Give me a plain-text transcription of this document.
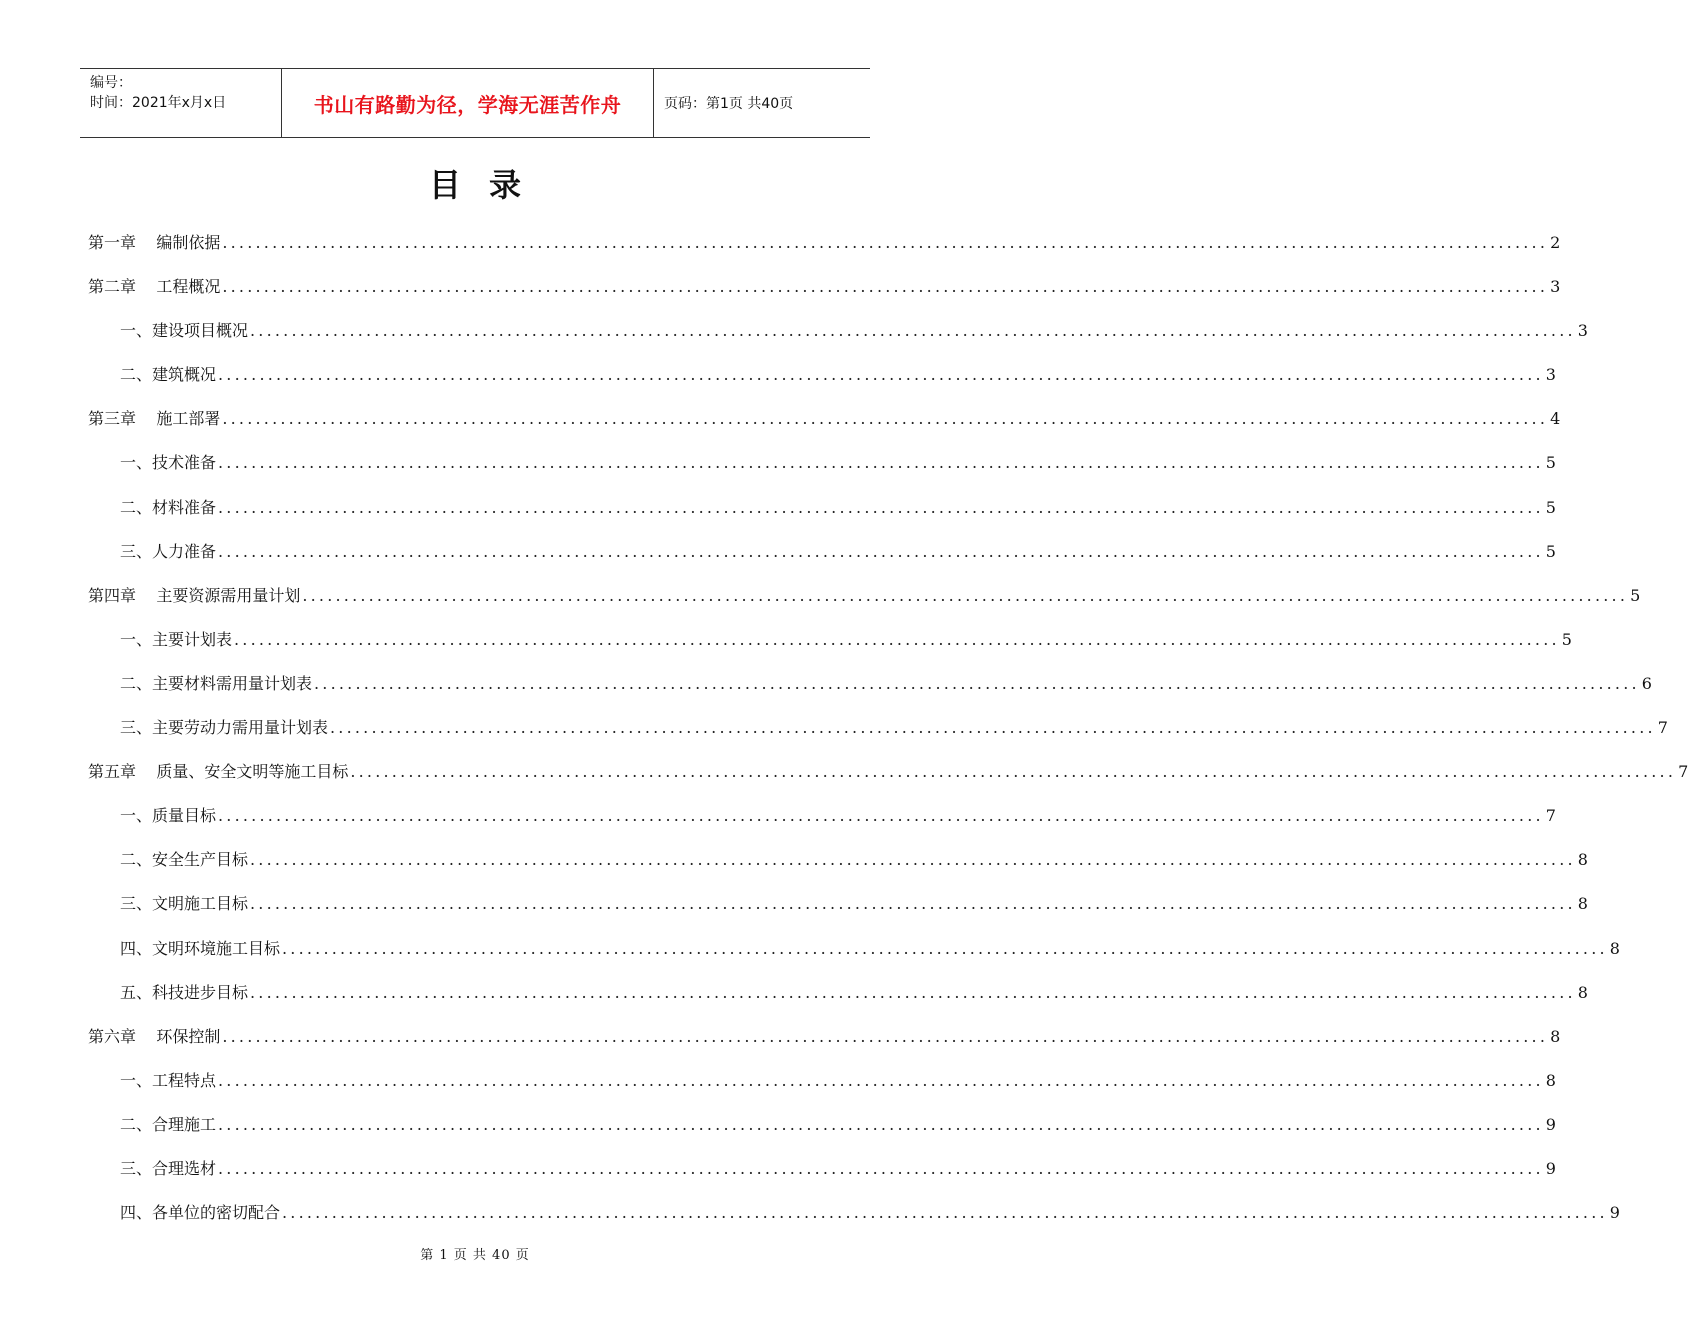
编号：
时间：2021年x月x日	书山有路勤为径，学海无涯苦作舟	页码：第1页 共40页
目录
第一章    编制依据 ................................................................................................................................................................ 2
第二章    工程概况 ................................................................................................................................................................ 3
一、建设项目概况 ................................................................................................................................................................ 3
二、建筑概况 ................................................................................................................................................................ 3
第三章    施工部署 ................................................................................................................................................................ 4
一、技术准备 ................................................................................................................................................................ 5
二、材料准备 ................................................................................................................................................................ 5
三、人力准备 ................................................................................................................................................................ 5
第四章    主要资源需用量计划 ................................................................................................................................................................ 5
一、主要计划表 ................................................................................................................................................................ 5
二、主要材料需用量计划表 ................................................................................................................................................................ 6
三、主要劳动力需用量计划表 ................................................................................................................................................................ 7
第五章    质量、安全文明等施工目标 ................................................................................................................................................................ 7
一、质量目标 ................................................................................................................................................................ 7
二、安全生产目标 ................................................................................................................................................................ 8
三、文明施工目标 ................................................................................................................................................................ 8
四、文明环境施工目标 ................................................................................................................................................................ 8
五、科技进步目标 ................................................................................................................................................................ 8
第六章    环保控制 ................................................................................................................................................................ 8
一、工程特点 ................................................................................................................................................................ 8
二、合理施工 ................................................................................................................................................................ 9
三、合理选材 ................................................................................................................................................................ 9
四、各单位的密切配合 ................................................................................................................................................................ 9
第 1 页 共 40 页
